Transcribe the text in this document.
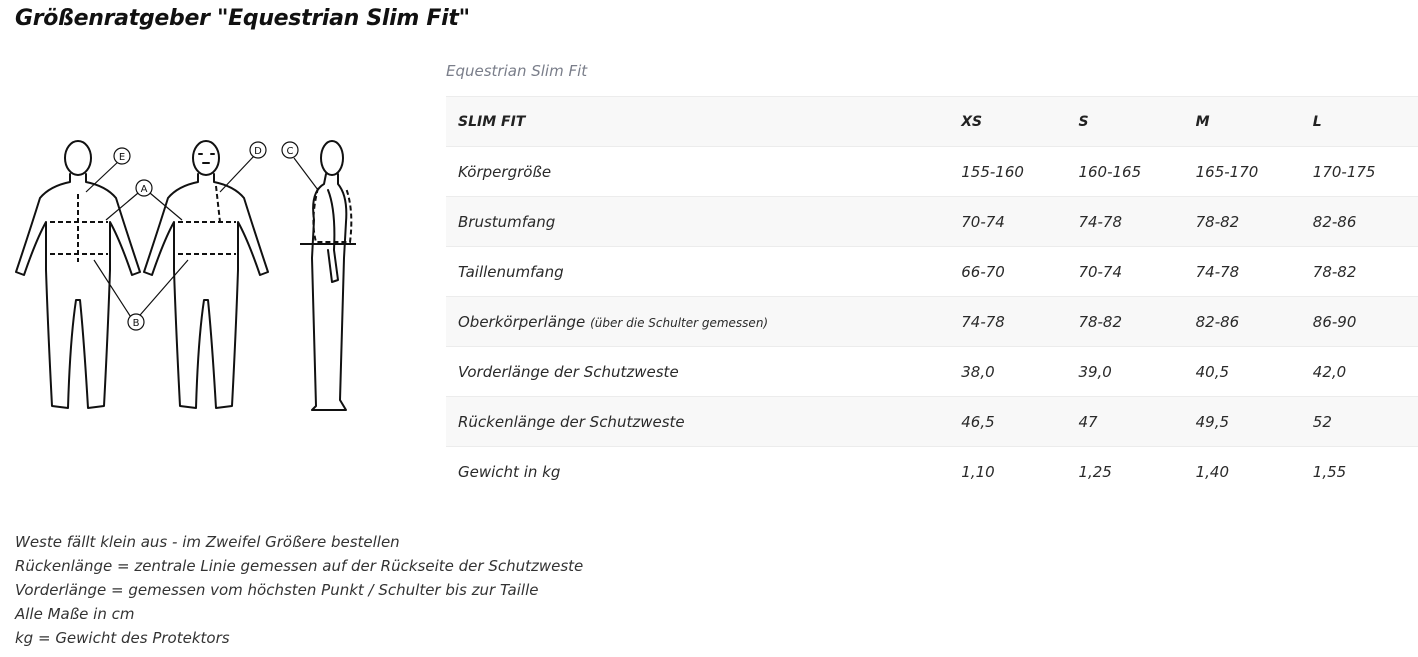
Größenratgeber "Equestrian Slim Fit"
A
B
C
D
E
Equestrian Slim Fit
SLIM FIT	XS	S	M	L
Körpergröße	155-160	160-165	165-170	170-175
Brustumfang	70-74	74-78	78-82	82-86
Taillenumfang	66-70	70-74	74-78	78-82
Oberkörperlänge (über die Schulter gemessen)	74-78	78-82	82-86	86-90
Vorderlänge der Schutzweste	38,0	39,0	40,5	42,0
Rückenlänge der Schutzweste	46,5	47	49,5	52
Gewicht in kg	1,10	1,25	1,40	1,55
Weste fällt klein aus - im Zweifel Größere bestellen
Rückenlänge = zentrale Linie gemessen auf der Rückseite der Schutzweste
Vorderlänge = gemessen vom höchsten Punkt / Schulter bis zur Taille
Alle Maße in cm
kg = Gewicht des Protektors
